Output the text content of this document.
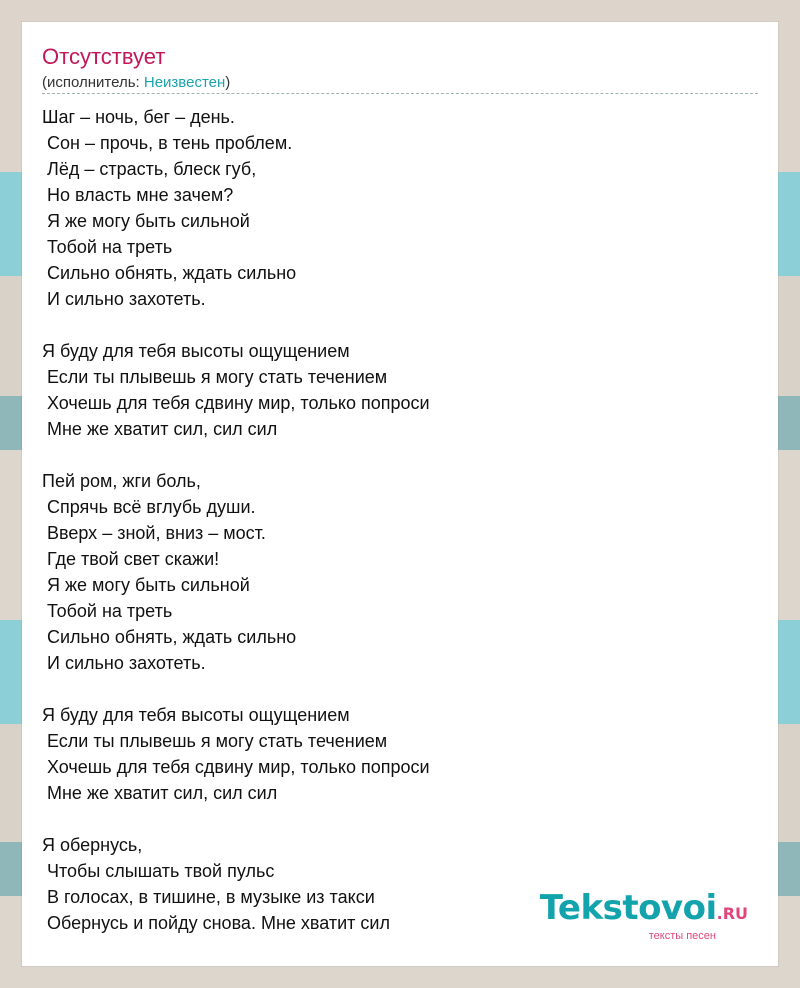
Отсутствует
(исполнитель: Неизвестен)
Шаг – ночь, бег – день.
Сон – прочь, в тень проблем.
Лёд – страсть, блеск губ,
Но власть мне зачем?
Я же могу быть сильной
Тобой на треть
Сильно обнять, ждать сильно
И сильно захотеть.
Я буду для тебя высоты ощущением
Если ты плывешь я могу стать течением
Хочешь для тебя сдвину мир, только попроси
Мне же хватит сил, сил сил
Пей ром, жги боль,
Спрячь всё вглубь души.
Вверх – зной, вниз – мост.
Где твой свет скажи!
Я же могу быть сильной
Тобой на треть
Сильно обнять, ждать сильно
И сильно захотеть.
Я буду для тебя высоты ощущением
Если ты плывешь я могу стать течением
Хочешь для тебя сдвину мир, только попроси
Мне же хватит сил, сил сил
Я обернусь,
Чтобы слышать твой пульс
В голосах, в тишине, в музыке из такси
Обернусь и пойду снова. Мне хватит сил	Tekstovoi.RU
тексты песен
